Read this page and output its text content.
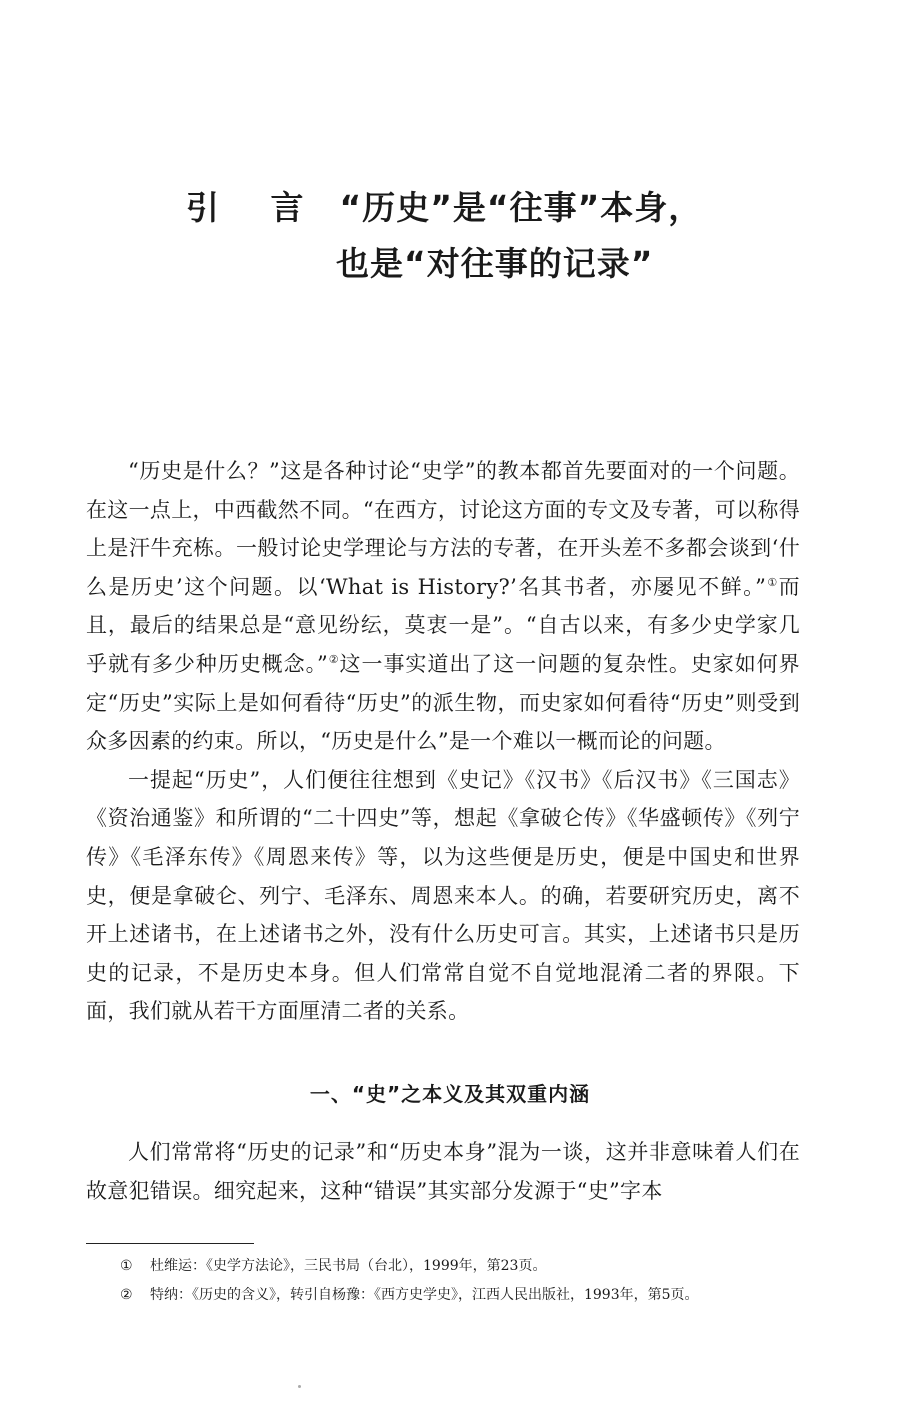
引 言 “历史”是“往事”本身，
也是“对往事的记录”

“历史是什么？”这是各种讨论“史学”的教本都首先要面对的一个问题。在这一点上，中西截然不同。“在西方，讨论这方面的专文及专著，可以称得上是汗牛充栋。一般讨论史学理论与方法的专著，在开头差不多都会谈到‘什么是历史’这个问题。以‘What is History?’名其书者，亦屡见不鲜。”①而且，最后的结果总是“意见纷纭，莫衷一是”。“自古以来，有多少史学家几乎就有多少种历史概念。”②这一事实道出了这一问题的复杂性。史家如何界定“历史”实际上是如何看待“历史”的派生物，而史家如何看待“历史”则受到众多因素的约束。所以，“历史是什么”是一个难以一概而论的问题。

一提起“历史”，人们便往往想到《史记》《汉书》《后汉书》《三国志》《资治通鉴》和所谓的“二十四史”等，想起《拿破仑传》《华盛顿传》《列宁传》《毛泽东传》《周恩来传》等，以为这些便是历史，便是中国史和世界史，便是拿破仑、列宁、毛泽东、周恩来本人。的确，若要研究历史，离不开上述诸书，在上述诸书之外，没有什么历史可言。其实，上述诸书只是历史的记录，不是历史本身。但人们常常自觉不自觉地混淆二者的界限。下面，我们就从若干方面厘清二者的关系。

一、“史”之本义及其双重内涵

人们常常将“历史的记录”和“历史本身”混为一谈，这并非意味着人们在故意犯错误。细究起来，这种“错误”其实部分发源于“史”字本

① 杜维运：《史学方法论》，三民书局（台北），1999年，第23页。
② 特纳：《历史的含义》，转引自杨豫：《西方史学史》，江西人民出版社，1993年，第5页。
